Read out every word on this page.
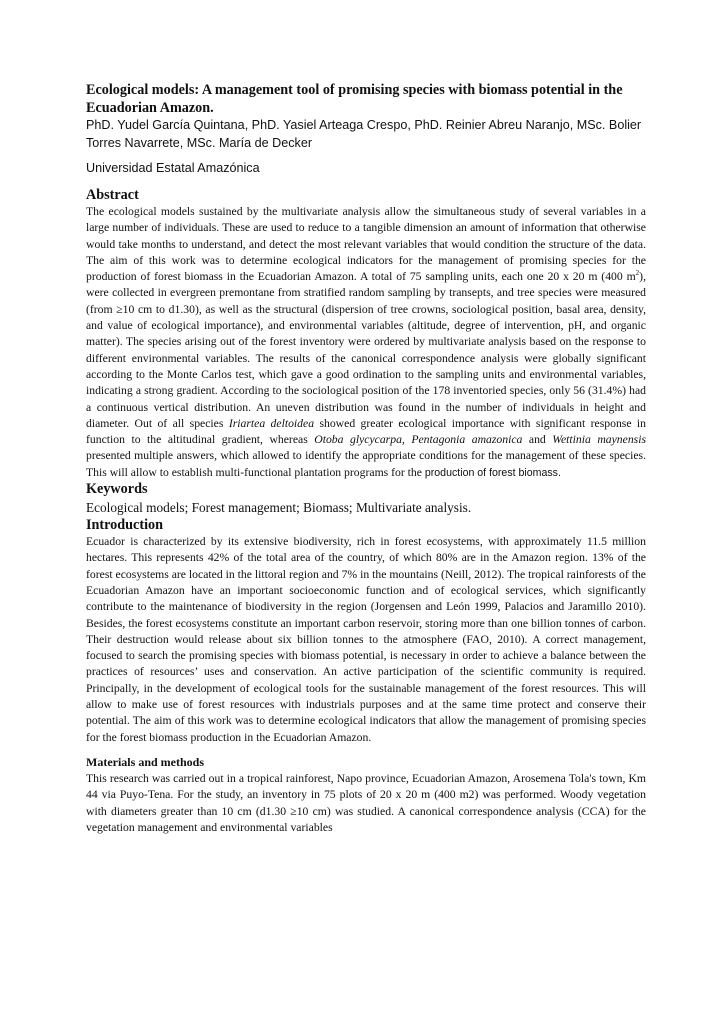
Ecological models: A management tool of promising species with biomass potential in the Ecuadorian Amazon.

PhD. Yudel García Quintana, PhD. Yasiel Arteaga Crespo, PhD. Reinier Abreu Naranjo, MSc. Bolier Torres Navarrete, MSc. María de Decker

Universidad Estatal Amazónica

Abstract

The ecological models sustained by the multivariate analysis allow the simultaneous study of several variables in a large number of individuals. These are used to reduce to a tangible dimension an amount of information that otherwise would take months to understand, and detect the most relevant variables that would condition the structure of the data. The aim of this work was to determine ecological indicators for the management of promising species for the production of forest biomass in the Ecuadorian Amazon. A total of 75 sampling units, each one 20 x 20 m (400 $m^2$), were collected in evergreen premontane from stratified random sampling by transepts, and tree species were measured (from ≥10 cm to d1.30), as well as the structural (dispersion of tree crowns, sociological position, basal area, density, and value of ecological importance), and environmental variables (altitude, degree of intervention, pH, and organic matter). The species arising out of the forest inventory were ordered by multivariate analysis based on the response to different environmental variables. The results of the canonical correspondence analysis were globally significant according to the Monte Carlos test, which gave a good ordination to the sampling units and environmental variables, indicating a strong gradient. According to the sociological position of the 178 inventoried species, only 56 (31.4%) had a continuous vertical distribution. An uneven distribution was found in the number of individuals in height and diameter. Out of all species Iriartea deltoidea showed greater ecological importance with significant response in function to the altitudinal gradient, whereas Otoba glycycarpa, Pentagonia amazonica and Wettinia maynensis presented multiple answers, which allowed to identify the appropriate conditions for the management of these species. This will allow to establish multi-functional plantation programs for the production of forest biomass.

Keywords

Ecological models; Forest management; Biomass; Multivariate analysis.

Introduction

Ecuador is characterized by its extensive biodiversity, rich in forest ecosystems, with approximately 11.5 million hectares. This represents 42% of the total area of the country, of which 80% are in the Amazon region. 13% of the forest ecosystems are located in the littoral region and 7% in the mountains (Neill, 2012). The tropical rainforests of the Ecuadorian Amazon have an important socioeconomic function and of ecological services, which significantly contribute to the maintenance of biodiversity in the region (Jorgensen and León 1999, Palacios and Jaramillo 2010). Besides, the forest ecosystems constitute an important carbon reservoir, storing more than one billion tonnes of carbon. Their destruction would release about six billion tonnes to the atmosphere (FAO, 2010). A correct management, focused to search the promising species with biomass potential, is necessary in order to achieve a balance between the practices of resources’ uses and conservation. An active participation of the scientific community is required. Principally, in the development of ecological tools for the sustainable management of the forest resources. This will allow to make use of forest resources with industrials purposes and at the same time protect and conserve their potential. The aim of this work was to determine ecological indicators that allow the management of promising species for the forest biomass production in the Ecuadorian Amazon.

Materials and methods

This research was carried out in a tropical rainforest, Napo province, Ecuadorian Amazon, Arosemena Tola's town, Km 44 via Puyo-Tena. For the study, an inventory in 75 plots of 20 x 20 m (400 m2) was performed. Woody vegetation with diameters greater than 10 cm (d1.30 ≥10 cm) was studied. A canonical correspondence analysis (CCA) for the vegetation management and environmental variables
